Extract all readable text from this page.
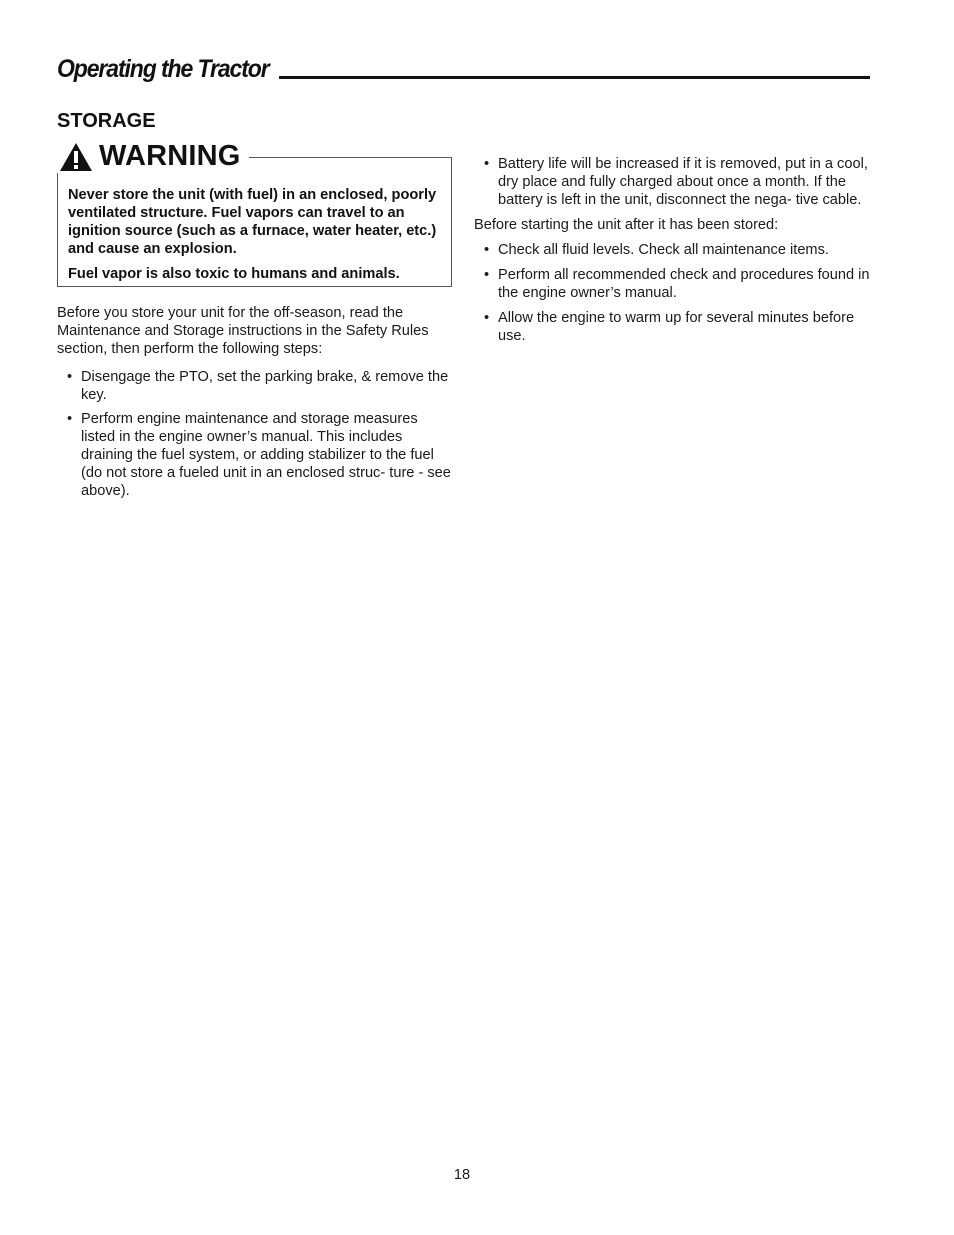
Operating the Tractor
STORAGE
WARNING

Never store the unit (with fuel) in an enclosed, poorly ventilated structure. Fuel vapors can travel to an ignition source (such as a furnace, water heater, etc.) and cause an explosion.

Fuel vapor is also toxic to humans and animals.

Before you store your unit for the off-season, read the Maintenance and Storage instructions in the Safety Rules section, then perform the following steps:

• Disengage the PTO, set the parking brake, & remove the key.
• Perform engine maintenance and storage measures listed in the engine owner’s manual. This includes draining the fuel system, or adding stabilizer to the fuel (do not store a fueled unit in an enclosed struc- ture - see above).
• Battery life will be increased if it is removed, put in a cool, dry place and fully charged about once a month. If the battery is left in the unit, disconnect the nega- tive cable.

Before starting the unit after it has been stored:

• Check all fluid levels. Check all maintenance items.
• Perform all recommended check and procedures found in the engine owner’s manual.
• Allow the engine to warm up for several minutes before use.
18
